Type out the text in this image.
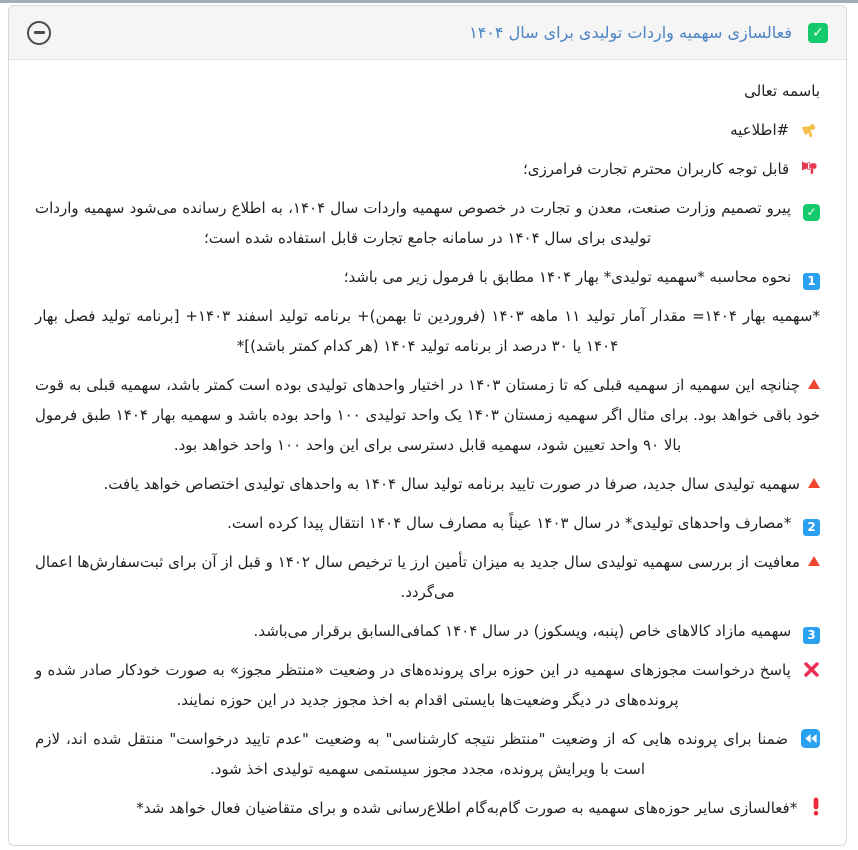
✓
فعالسازی سهمیه واردات تولیدی برای سال ۱۴۰۴

باسمه تعالی

#اطلاعیه

قابل توجه کاربران محترم تجارت فرامرزی؛

✓ پیرو تصمیم وزارت صنعت، معدن و تجارت در خصوص سهمیه واردات سال ۱۴۰۴، به اطلاع رسانده می‌شود سهمیه واردات تولیدی برای سال ۱۴۰۴ در سامانه جامع تجارت قابل استفاده شده است؛

1 نحوه محاسبه *سهمیه تولیدی* بهار ۱۴۰۴ مطابق با فرمول زیر می باشد؛

*سهمیه بهار ۱۴۰۴= مقدار آمار تولید ۱۱ ماهه ۱۴۰۳ (فروردین تا بهمن)+ برنامه تولید اسفند ۱۴۰۳+ [برنامه تولید فصل بهار ۱۴۰۴ یا ۳۰ درصد از برنامه تولید ۱۴۰۴ (هر کدام کمتر باشد)]*

چنانچه این سهمیه از سهمیه قبلی که تا زمستان ۱۴۰۳ در اختیار واحدهای تولیدی بوده است کمتر باشد، سهمیه قبلی به قوت خود باقی خواهد بود. برای مثال اگر سهمیه زمستان ۱۴۰۳ یک واحد تولیدی ۱۰۰ واحد بوده باشد و سهمیه بهار ۱۴۰۴ طبق فرمول بالا ۹۰ واحد تعیین شود، سهمیه قابل دسترسی برای این واحد ۱۰۰ واحد خواهد بود.

سهمیه تولیدی سال جدید، صرفا در صورت تایید برنامه تولید سال ۱۴۰۴ به واحدهای تولیدی اختصاص خواهد یافت.

2 *مصارف واحدهای تولیدی* در سال ۱۴۰۳ عیناً به مصارف سال ۱۴۰۴ انتقال پیدا کرده است.

معافیت از بررسی سهمیه تولیدی سال جدید به میزان تأمین ارز یا ترخیص سال ۱۴۰۲ و قبل از آن برای ثبت‌سفارش‌ها اعمال می‌گردد.

3 سهمیه مازاد کالاهای خاص (پنبه، ویسکوز) در سال ۱۴۰۴ کمافی‌السابق برقرار می‌باشد.

پاسخ درخواست مجوزهای سهمیه در این حوزه برای پرونده‌های در وضعیت «منتظر مجوز» به صورت خودکار صادر شده و پرونده‌های در دیگر وضعیت‌ها بایستی اقدام به اخذ مجوز جدید در این حوزه نمایند.

ضمنا برای پرونده هایی که از وضعیت "منتظر نتیجه کارشناسی" به وضعیت "عدم تایید درخواست" منتقل شده اند، لازم است با ویرایش پرونده، مجدد مجوز سیستمی سهمیه تولیدی اخذ شود.

*فعالسازی سایر حوزه‌های سهمیه به صورت گام‌به‌گام اطلاع‌رسانی شده و برای متقاضیان فعال خواهد شد*
